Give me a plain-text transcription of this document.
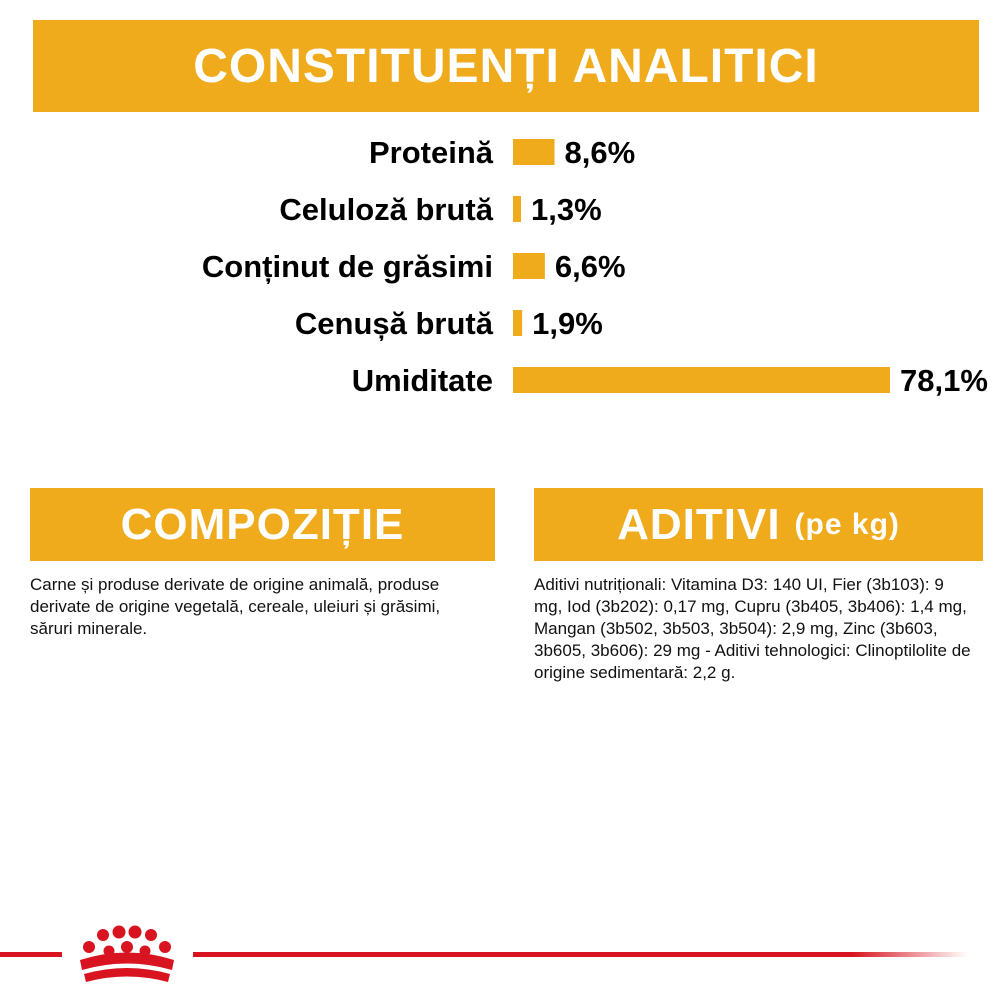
CONSTITUENȚI ANALITICI
Proteină 8,6%
Celuloză brută 1,3%
Conținut de grăsimi 6,6%
Cenușă brută 1,9%
Umiditate	78,1%
COMPOZIȚIE	ADITIVI (pe kg)

Carne și produse derivate de origine animală, produse derivate de origine vegetală, cereale, uleiuri și grăsimi, săruri minerale.

Aditivi nutriționali: Vitamina D3: 140 UI, Fier (3b103): 9 mg, Iod (3b202): 0,17 mg, Cupru (3b405, 3b406): 1,4 mg, Mangan (3b502, 3b503, 3b504): 2,9 mg, Zinc (3b603, 3b605, 3b606): 29 mg - Aditivi tehnologici: Clinoptilolite de origine sedimentară: 2,2 g.
